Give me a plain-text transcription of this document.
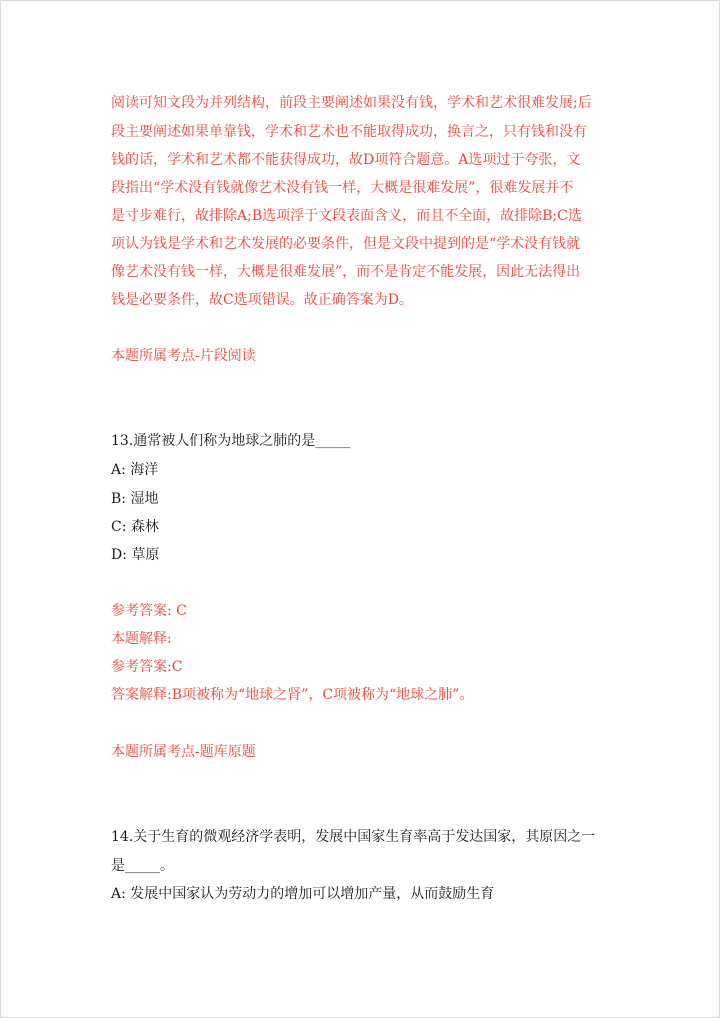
阅读可知文段为并列结构，前段主要阐述如果没有钱，学术和艺术很难发展;后
段主要阐述如果单靠钱，学术和艺术也不能取得成功，换言之，只有钱和没有
钱的话，学术和艺术都不能获得成功，故D项符合题意。A选项过于夸张，文
段指出“学术没有钱就像艺术没有钱一样，大概是很难发展”，很难发展并不
是寸步难行，故排除A;B选项浮于文段表面含义，而且不全面，故排除B;C选
项认为钱是学术和艺术发展的必要条件，但是文段中提到的是“学术没有钱就
像艺术没有钱一样，大概是很难发展”，而不是肯定不能发展，因此无法得出
钱是必要条件，故C选项错误。故正确答案为D。
本题所属考点-片段阅读
13.通常被人们称为地球之肺的是_____
A: 海洋
B: 湿地
C: 森林
D: 草原
参考答案: C
本题解释:
参考答案:C
答案解释:B项被称为“地球之肾”，C项被称为“地球之肺”。
本题所属考点-题库原题
14.关于生育的微观经济学表明，发展中国家生育率高于发达国家，其原因之一
是_____。
A: 发展中国家认为劳动力的增加可以增加产量，从而鼓励生育
